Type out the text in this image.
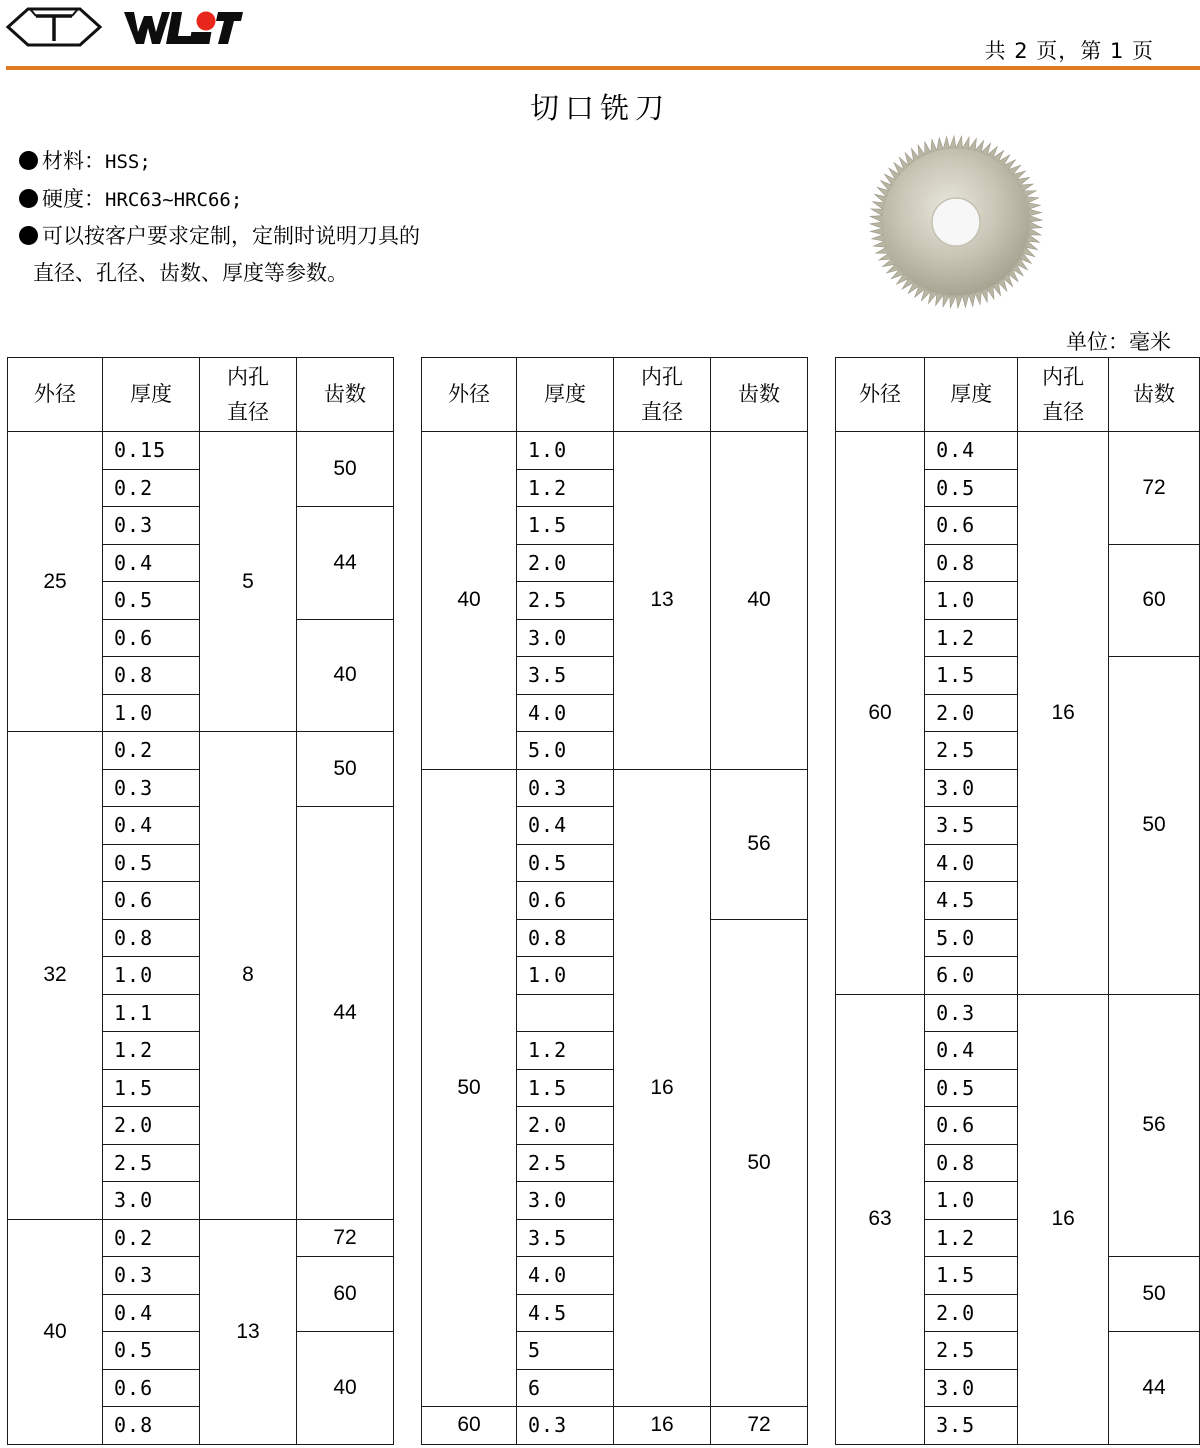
共 2 页，第 1 页
切口铣刀
材料：HSS;
硬度：HRC63~HRC66;
可以按客户要求定制，定制时说明刀具的
直径、孔径、齿数、厚度等参数。
单位：毫米
外径	厚度	内孔
直径	齿数
25	0.15	5	50
	0.2		
	0.3		44
	0.4		
	0.5		
	0.6		40
	0.8		
	1.0		
32	0.2	8	50
	0.3		
	0.4		44
	0.5		
	0.6		
	0.8		
	1.0		
	1.1		
	1.2		
	1.5		
	2.0		
	2.5		
	3.0		
40	0.2	13	72
	0.3		60
	0.4		
	0.5		40
	0.6		
	0.8		
外径	厚度	内孔
直径	齿数
40	1.0	13	40
	1.2		
	1.5		
	2.0		
	2.5		
	3.0		
	3.5		
	4.0		
	5.0		
50	0.3	16	56
	0.4		
	0.5		
	0.6		
	0.8		50
	1.0		

	1.2		
	1.5		
	2.0		
	2.5		
	3.0		
	3.5		
	4.0		
	4.5		
	5		
	6		
60	0.3	16	72
外径	厚度	内孔
直径	齿数
60	0.4	16	72
	0.5		
	0.6		
	0.8		60
	1.0		
	1.2		
	1.5		50
	2.0		
	2.5		
	3.0		
	3.5		
	4.0		
	4.5		
	5.0		
	6.0		
63	0.3	16	56
	0.4		
	0.5		
	0.6		
	0.8		
	1.0		
	1.2		
	1.5		50
	2.0		
	2.5		44
	3.0		
	3.5		
